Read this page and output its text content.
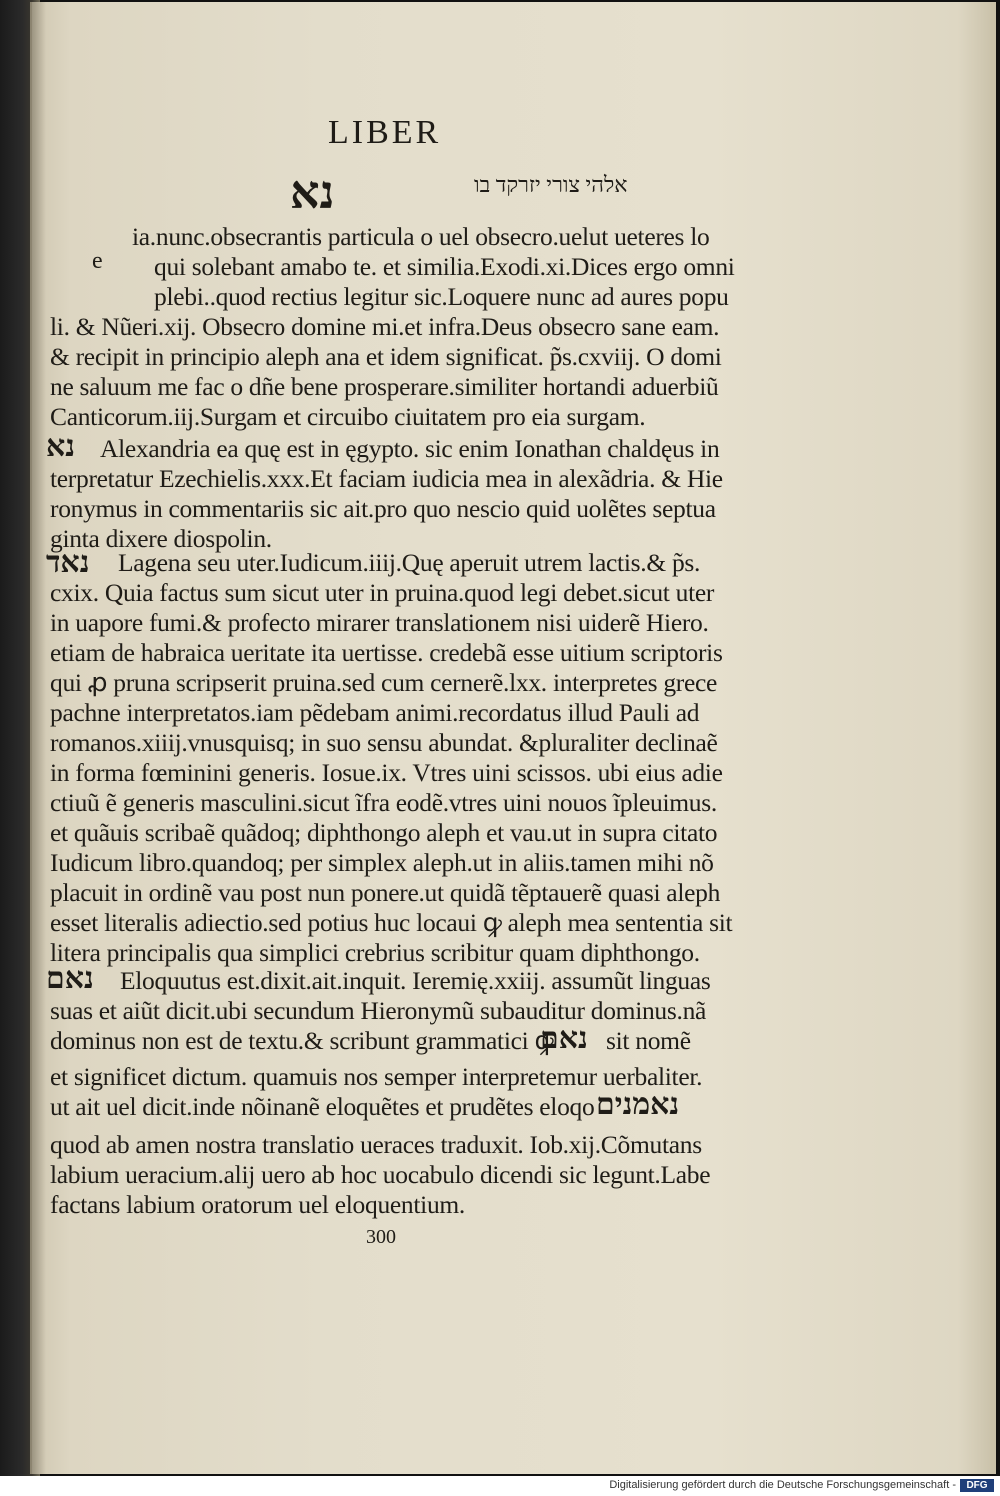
LIBER
נא	אלהי צורי יזרקד בו
e
ia.nunc.obsecrantis particula o uel obsecro.uelut ueteres lo
qui solebant amabo te. et similia.Exodi.xi.Dices ergo omni
plebi..quod rectius legitur sic.Loquere nunc ad aures popu
li. & Nũeri.xij. Obsecro domine mi.et infra.Deus obsecro sane eam.
& recipit in principio aleph ana et idem significat. p̃s.cxviij. O domi
ne saluum me fac o dñe bene prosperare.similiter hortandi aduerbiũ
Canticorum.iij.Surgam et circuibo ciuitatem pro eia surgam.
נא Alexandria ea quę est in ęgypto. sic enim Ionathan chaldęus in
terpretatur Ezechielis.xxx.Et faciam iudicia mea in alexãdria. & Hie
ronymus in commentariis sic ait.pro quo nescio quid uolẽtes septua
ginta dixere diospolin.
נאד Lagena seu uter.Iudicum.iiij.Quę aperuit utrem lactis.& p̃s.
cxix. Quia factus sum sicut uter in pruina.quod legi debet.sicut uter
in uapore fumi.& profecto mirarer translationem nisi uiderẽ Hiero.
etiam de habraica ueritate ita uertisse. credebã esse uitium scriptoris
qui ꝓ pruna scripserit pruina.sed cum cernerẽ.lxx. interpretes grece
pachne interpretatos.iam pẽdebam animi.recordatus illud Pauli ad
romanos.xiiij.vnusquisq; in suo sensu abundat. &pluraliter declinaẽ
in forma fœminini generis. Iosue.ix. Vtres uini scissos. ubi eius adie
ctiuũ ẽ generis masculini.sicut ĩfra eodẽ.vtres uini nouos ĩpleuimus.
et quãuis scribaẽ quãdoq; diphthongo aleph et vau.ut in supra citato
Iudicum libro.quandoq; per simplex aleph.ut in aliis.tamen mihi nõ
placuit in ordinẽ vau post nun ponere.ut quidã tẽptauerẽ quasi aleph
esset literalis adiectio.sed potius huc locaui ꝙ aleph mea sententia sit
litera principalis qua simplici crebrius scribitur quam diphthongo.
נאם Eloquutus est.dixit.ait.inquit. Ieremię.xxiij. assumũt linguas
suas et aiũt dicit.ubi secundum Hieronymũ subauditur dominus.nã
dominus non est de textu.& scribunt grammatici ꝙ
נאם sit nomẽ
et significet dictum. quamuis nos semper interpretemur uerbaliter.
ut ait uel dicit.inde nõinanẽ eloquẽtes et prudẽtes eloqo נאמנים
quod ab amen nostra translatio ueraces traduxit. Iob.xij.Cõmutans
labium ueracium.alij uero ab hoc uocabulo dicendi sic legunt.Labe
factans labium oratorum uel eloquentium.
300
Digitalisierung gefördert durch die Deutsche Forschungsgemeinschaft -	DFG
